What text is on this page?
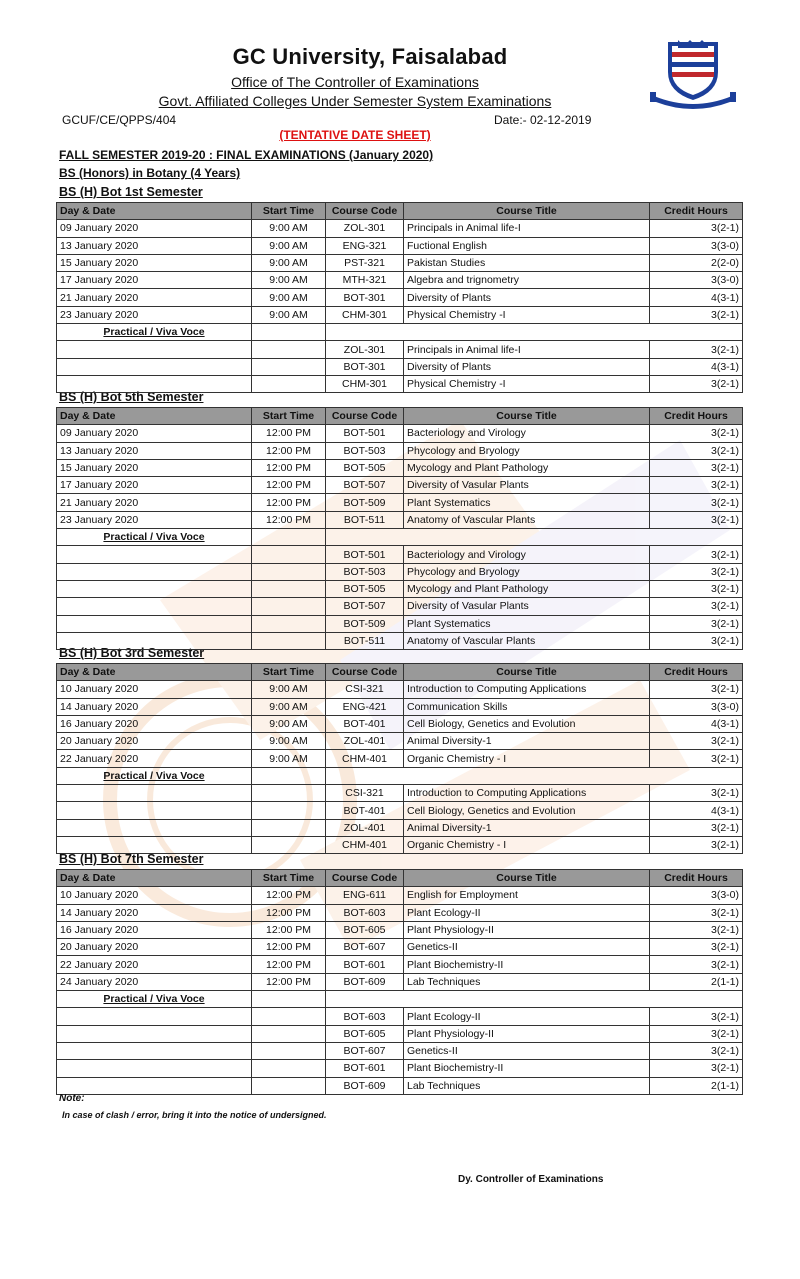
GC University, Faisalabad
Office of The Controller of Examinations
Govt. Affiliated Colleges Under Semester System Examinations
GCUF/CE/QPPS/404	Date:- 02-12-2019
(TENTATIVE DATE SHEET)
FALL SEMESTER 2019-20 : FINAL EXAMINATIONS (January 2020)
BS (Honors) in Botany (4 Years)
BS (H) Bot 1st Semester
BS (H) Bot 5th Semester
BS (H) Bot 3rd Semester
BS (H) Bot 7th Semester
Day & Date	Start Time	Course Code	Course Title	Credit Hours
09 January 2020	9:00 AM	ZOL-301	Principals in Animal life-I	3(2-1)
13 January 2020	9:00 AM	ENG-321	Fuctional English	3(3-0)
15 January 2020	9:00 AM	PST-321	Pakistan Studies	2(2-0)
17 January 2020	9:00 AM	MTH-321	Algebra and trignometry	3(3-0)
21 January 2020	9:00 AM	BOT-301	Diversity of Plants	4(3-1)
23 January 2020	9:00 AM	CHM-301	Physical Chemistry -I	3(2-1)
Practical / Viva Voce				
		ZOL-301	Principals in Animal life-I	3(2-1)
		BOT-301	Diversity of Plants	4(3-1)
		CHM-301	Physical Chemistry -I	3(2-1)
Day & Date	Start Time	Course Code	Course Title	Credit Hours
09 January 2020	12:00 PM	BOT-501	Bacteriology and Virology	3(2-1)
13 January 2020	12:00 PM	BOT-503	Phycology and Bryology	3(2-1)
15 January 2020	12:00 PM	BOT-505	Mycology and Plant Pathology	3(2-1)
17 January 2020	12:00 PM	BOT-507	Diversity of Vasular Plants	3(2-1)
21 January 2020	12:00 PM	BOT-509	Plant Systematics	3(2-1)
23 January 2020	12:00 PM	BOT-511	Anatomy of Vascular Plants	3(2-1)
Practical / Viva Voce				
		BOT-501	Bacteriology and Virology	3(2-1)
		BOT-503	Phycology and Bryology	3(2-1)
		BOT-505	Mycology and Plant Pathology	3(2-1)
		BOT-507	Diversity of Vasular Plants	3(2-1)
		BOT-509	Plant Systematics	3(2-1)
		BOT-511	Anatomy of Vascular Plants	3(2-1)
Day & Date	Start Time	Course Code	Course Title	Credit Hours
10 January 2020	9:00 AM	CSI-321	Introduction to Computing Applications	3(2-1)
14 January 2020	9:00 AM	ENG-421	Communication Skills	3(3-0)
16 January 2020	9:00 AM	BOT-401	Cell Biology, Genetics and Evolution	4(3-1)
20 January 2020	9:00 AM	ZOL-401	Animal Diversity-1	3(2-1)
22 January 2020	9:00 AM	CHM-401	Organic Chemistry - I	3(2-1)
Practical / Viva Voce				
		CSI-321	Introduction to Computing Applications	3(2-1)
		BOT-401	Cell Biology, Genetics and Evolution	4(3-1)
		ZOL-401	Animal Diversity-1	3(2-1)
		CHM-401	Organic Chemistry - I	3(2-1)
Day & Date	Start Time	Course Code	Course Title	Credit Hours
10 January 2020	12:00 PM	ENG-611	English for Employment	3(3-0)
14 January 2020	12:00 PM	BOT-603	Plant Ecology-II	3(2-1)
16 January 2020	12:00 PM	BOT-605	Plant Physiology-II	3(2-1)
20 January 2020	12:00 PM	BOT-607	Genetics-II	3(2-1)
22 January 2020	12:00 PM	BOT-601	Plant Biochemistry-II	3(2-1)
24 January 2020	12:00 PM	BOT-609	Lab Techniques	2(1-1)
Practical / Viva Voce				
		BOT-603	Plant Ecology-II	3(2-1)
		BOT-605	Plant Physiology-II	3(2-1)
		BOT-607	Genetics-II	3(2-1)
		BOT-601	Plant Biochemistry-II	3(2-1)
		BOT-609	Lab Techniques	2(1-1)
Note:
In case of clash / error, bring it into the notice of undersigned.
Dy. Controller of Examinations
